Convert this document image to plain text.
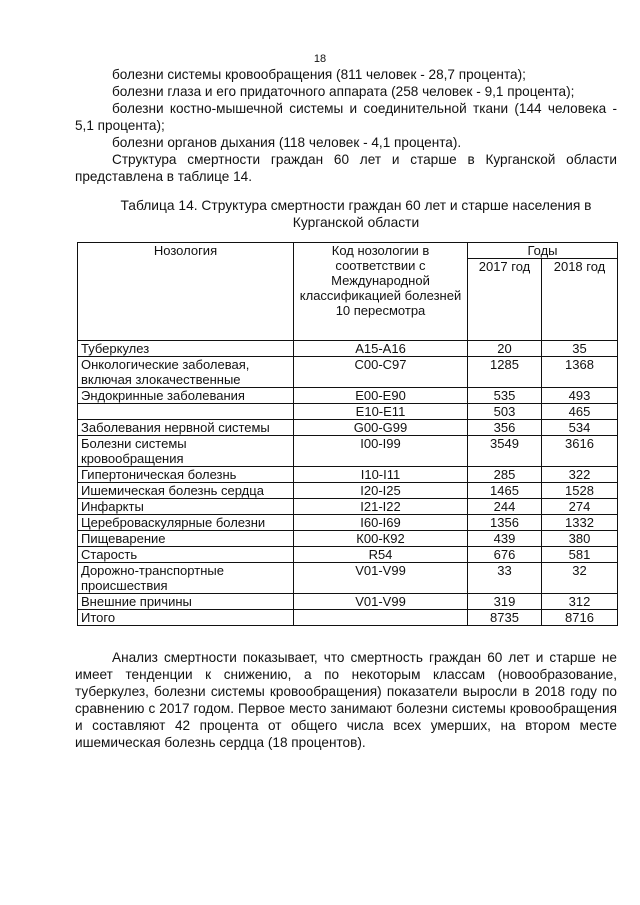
18

болезни системы кровообращения (811 человек - 28,7 процента);

болезни глаза и его придаточного аппарата (258 человек - 9,1 процента);

болезни костно-мышечной системы и соединительной ткани (144 человека - 5,1 процента);

болезни органов дыхания (118 человек - 4,1 процента).

Структура смертности граждан 60 лет и старше в Курганской области представлена в таблице 14.

Таблица 14. Структура смертности граждан 60 лет и старше населения в Курганской области
Нозология	Код нозологии в соответствии с Международной классификацией болезней 10 пересмотра	Годы	
		2017 год	2018 год
Туберкулез	А15-А16	20	35
Онкологические заболевая, включая злокачественные	С00-С97	1285	1368
Эндокринные заболевания	Е00-Е90	535	493
	Е10-Е11	503	465
Заболевания нервной системы	G00-G99	356	534
Болезни системы кровообращения	I00-I99	3549	3616
Гипертоническая болезнь	I10-I11	285	322
Ишемическая болезнь сердца	I20-I25	1465	1528
Инфаркты	I21-I22	244	274
Цереброваскулярные болезни	I60-I69	1356	1332
Пищеварение	К00-К92	439	380
Старость	R54	676	581
Дорожно-транспортные происшествия	V01-V99	33	32
Внешние причины	V01-V99	319	312
Итого		8735	8716

Анализ смертности показывает, что смертность граждан 60 лет и старше не имеет тенденции к снижению, а по некоторым классам (новообразование, туберкулез, болезни системы кровообращения) показатели выросли в 2018 году по сравнению с 2017 годом. Первое место занимают болезни системы кровообращения и составляют 42 процента от общего числа всех умерших, на втором месте ишемическая болезнь сердца (18 процентов).
